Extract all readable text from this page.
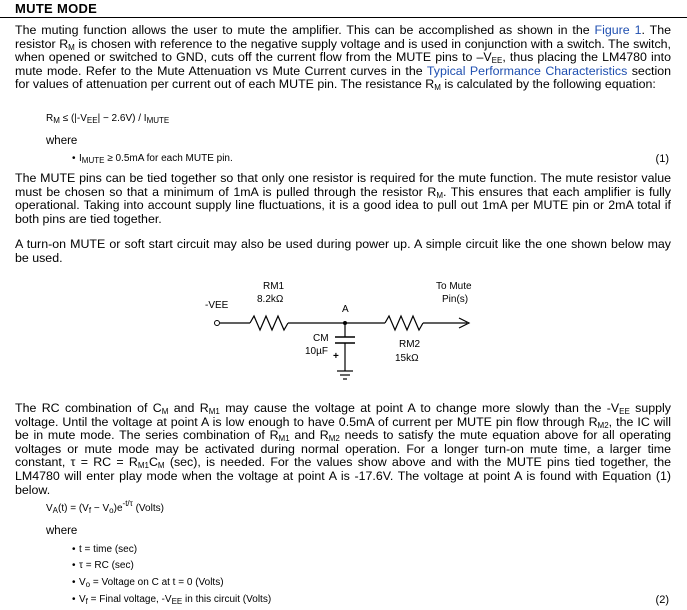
MUTE MODE
The muting function allows the user to mute the amplifier. This can be accomplished as shown in the Figure 1. The resistor $R_M$ is chosen with reference to the negative supply voltage and is used in conjunction with a switch. The switch, when opened or switched to GND, cuts off the current flow from the MUTE pins to $-V_{EE}$, thus placing the LM4780 into mute mode. Refer to the Mute Attenuation vs Mute Current curves in the Typical Performance Characteristics section for values of attenuation per current out of each MUTE pin. The resistance $R_M$ is calculated by the following equation:
$R_M \le (|-V_{EE}| - 2.6V) / I_{MUTE}$
where
• $I_{MUTE} \ge 0.5mA$ for each MUTE pin.	(1)
The MUTE pins can be tied together so that only one resistor is required for the mute function. The mute resistor value must be chosen so that a minimum of 1mA is pulled through the resistor $R_M$. This ensures that each amplifier is fully operational. Taking into account supply line fluctuations, it is a good idea to pull out 1mA per MUTE pin or 2mA total if both pins are tied together.
A turn-on MUTE or soft start circuit may also be used during power up. A simple circuit like the one shown below may be used.
RM1
8.2kΩ
-VEE	A
To Mute
Pin(s)
+
CM
10µF
RM2
15kΩ
The RC combination of $C_M$ and $R_{M1}$ may cause the voltage at point A to change more slowly than the $-V_{EE}$ supply voltage. Until the voltage at point A is low enough to have 0.5mA of current per MUTE pin flow through $R_{M2}$, the IC will be in mute mode. The series combination of $R_{M1}$ and $R_{M2}$ needs to satisfy the mute equation above for all operating voltages or mute mode may be activated during normal operation. For a longer turn-on mute time, a larger time constant, τ = RC = $R_{M1}C_M$ (sec), is needed. For the values show above and with the MUTE pins tied together, the LM4780 will enter play mode when the voltage at point A is -17.6V. The voltage at point A is found with Equation (1) below.
$V_A(t) = (V_f - V_o)e^{-t/\tau}$ (Volts)
where
• t = time (sec)
• τ = RC (sec)
• $V_o$ = Voltage on C at t = 0 (Volts)
• $V_f$ = Final voltage, $-V_{EE}$ in this circuit (Volts)	(2)
